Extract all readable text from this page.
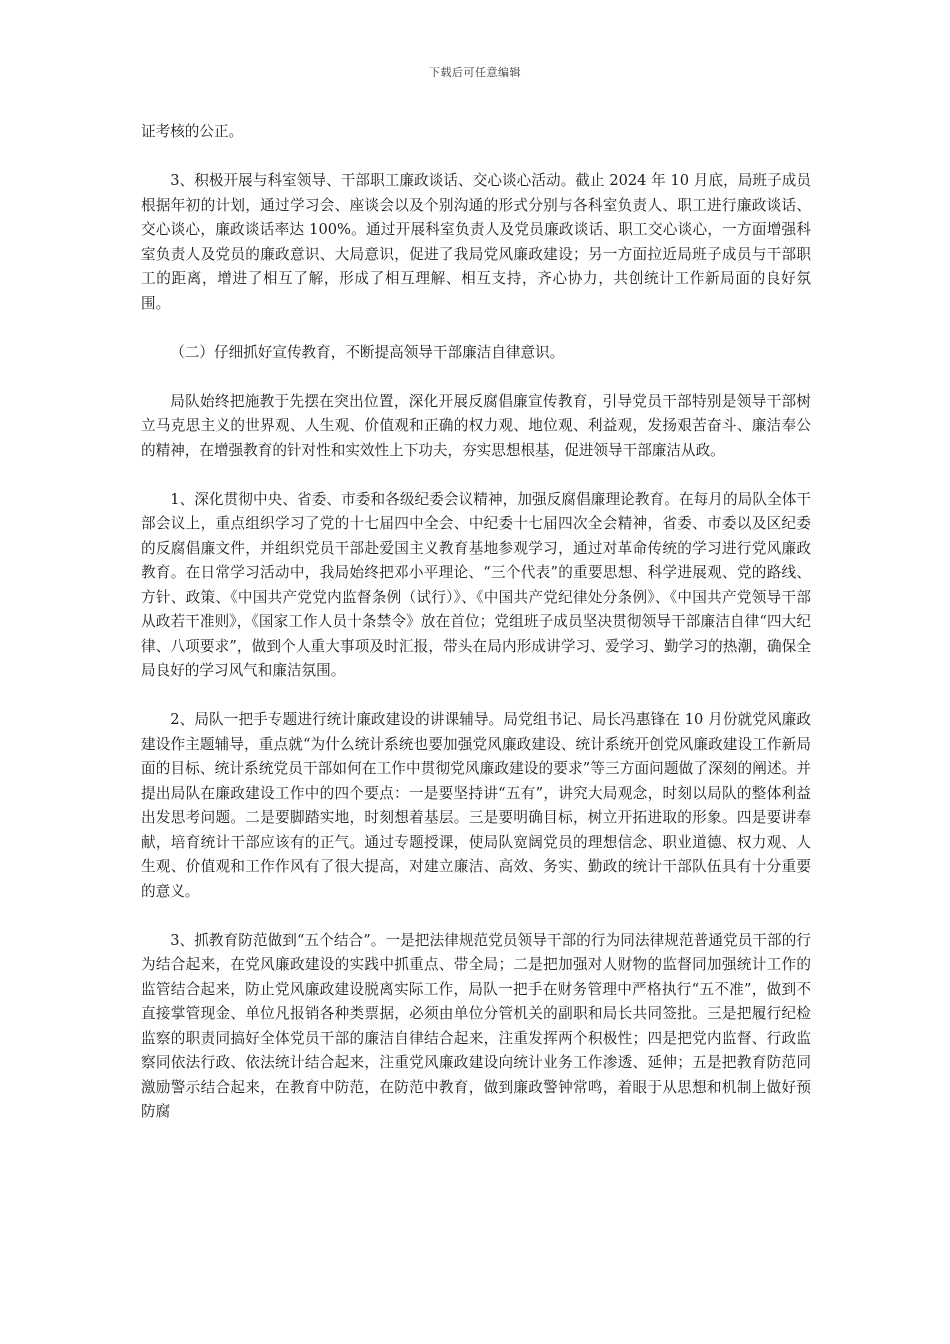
下载后可任意编辑

证考核的公正。

3、积极开展与科室领导、干部职工廉政谈话、交心谈心活动。截止 2024 年 10 月底，局班子成员根据年初的计划，通过学习会、座谈会以及个别沟通的形式分别与各科室负责人、职工进行廉政谈话、交心谈心，廉政谈话率达 100%。通过开展科室负责人及党员廉政谈话、职工交心谈心，一方面增强科室负责人及党员的廉政意识、大局意识，促进了我局党风廉政建设；另一方面拉近局班子成员与干部职工的距离，增进了相互了解，形成了相互理解、相互支持，齐心协力，共创统计工作新局面的良好氛围。

（二）仔细抓好宣传教育，不断提高领导干部廉洁自律意识。

局队始终把施教于先摆在突出位置，深化开展反腐倡廉宣传教育，引导党员干部特别是领导干部树立马克思主义的世界观、人生观、价值观和正确的权力观、地位观、利益观，发扬艰苦奋斗、廉洁奉公的精神，在增强教育的针对性和实效性上下功夫，夯实思想根基，促进领导干部廉洁从政。

1、深化贯彻中央、省委、市委和各级纪委会议精神，加强反腐倡廉理论教育。在每月的局队全体干部会议上，重点组织学习了党的十七届四中全会、中纪委十七届四次全会精神，省委、市委以及区纪委的反腐倡廉文件，并组织党员干部赴爱国主义教育基地参观学习，通过对革命传统的学习进行党风廉政教育。在日常学习活动中，我局始终把邓小平理论、“三个代表”的重要思想、科学进展观、党的路线、方针、政策、《中国共产党党内监督条例（试行）》、《中国共产党纪律处分条例》、《中国共产党领导干部从政若干准则》，《国家工作人员十条禁令》放在首位；党组班子成员坚决贯彻领导干部廉洁自律“四大纪律、八项要求”，做到个人重大事项及时汇报，带头在局内形成讲学习、爱学习、勤学习的热潮，确保全局良好的学习风气和廉洁氛围。

2、局队一把手专题进行统计廉政建设的讲课辅导。局党组书记、局长冯惠锋在 10 月份就党风廉政建设作主题辅导，重点就“为什么统计系统也要加强党风廉政建设、统计系统开创党风廉政建设工作新局面的目标、统计系统党员干部如何在工作中贯彻党风廉政建设的要求”等三方面问题做了深刻的阐述。并提出局队在廉政建设工作中的四个要点：一是要坚持讲“五有”，讲究大局观念，时刻以局队的整体利益出发思考问题。二是要脚踏实地，时刻想着基层。三是要明确目标，树立开拓进取的形象。四是要讲奉献，培育统计干部应该有的正气。通过专题授课，使局队宽阔党员的理想信念、职业道德、权力观、人生观、价值观和工作作风有了很大提高，对建立廉洁、高效、务实、勤政的统计干部队伍具有十分重要的意义。

3、抓教育防范做到“五个结合”。一是把法律规范党员领导干部的行为同法律规范普通党员干部的行为结合起来，在党风廉政建设的实践中抓重点、带全局；二是把加强对人财物的监督同加强统计工作的监管结合起来，防止党风廉政建设脱离实际工作，局队一把手在财务管理中严格执行“五不准”，做到不直接掌管现金、单位凡报销各种类票据，必须由单位分管机关的副职和局长共同签批。三是把履行纪检监察的职责同搞好全体党员干部的廉洁自律结合起来，注重发挥两个积极性；四是把党内监督、行政监察同依法行政、依法统计结合起来，注重党风廉政建设向统计业务工作渗透、延伸；五是把教育防范同激励警示结合起来，在教育中防范，在防范中教育，做到廉政警钟常鸣，着眼于从思想和机制上做好预防腐
